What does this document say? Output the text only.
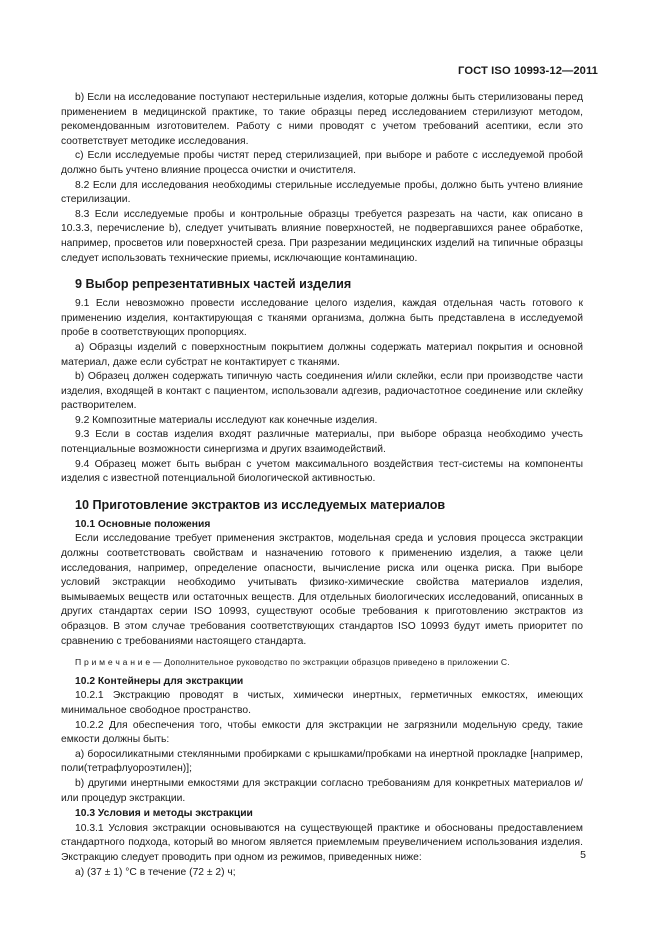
ГОСТ ISO 10993-12—2011

b) Если на исследование поступают нестерильные изделия, которые должны быть стерилизованы перед применением в медицинской практике, то такие образцы перед исследованием стерилизуют методом, рекомендованным изготовителем. Работу с ними проводят с учетом требований асептики, если это соответствует методике исследования.

c) Если исследуемые пробы чистят перед стерилизацией, при выборе и работе с исследуемой пробой должно быть учтено влияние процесса очистки и очистителя.

8.2 Если для исследования необходимы стерильные исследуемые пробы, должно быть учтено влияние стерилизации.

8.3 Если исследуемые пробы и контрольные образцы требуется разрезать на части, как описано в 10.3.3, перечисление b), следует учитывать влияние поверхностей, не подвергавшихся ранее обработке, например, просветов или поверхностей среза. При разрезании медицинских изделий на типичные образцы следует использовать технические приемы, исключающие контаминацию.

9 Выбор репрезентативных частей изделия

9.1 Если невозможно провести исследование целого изделия, каждая отдельная часть готового к применению изделия, контактирующая с тканями организма, должна быть представлена в исследуемой пробе в соответствующих пропорциях.

а) Образцы изделий с поверхностным покрытием должны содержать материал покрытия и основной материал, даже если субстрат не контактирует с тканями.

b) Образец должен содержать типичную часть соединения и/или склейки, если при производстве части изделия, входящей в контакт с пациентом, использовали адгезив, радиочастотное соединение или склейку растворителем.

9.2 Композитные материалы исследуют как конечные изделия.

9.3 Если в состав изделия входят различные материалы, при выборе образца необходимо учесть потенциальные возможности синергизма и других взаимодействий.

9.4 Образец может быть выбран с учетом максимального воздействия тест-системы на компоненты изделия с известной потенциальной биологической активностью.

10 Приготовление экстрактов из исследуемых материалов
10.1 Основные положения

Если исследование требует применения экстрактов, модельная среда и условия процесса экстракции должны соответствовать свойствам и назначению готового к применению изделия, а также цели исследования, например, определение опасности, вычисление риска или оценка риска. При выборе условий экстракции необходимо учитывать физико-химические свойства материалов изделия, вымываемых веществ или остаточных веществ. Для отдельных биологических исследований, описанных в других стандартах серии ISO 10993, существуют особые требования к приготовлению экстрактов из образцов. В этом случае требования соответствующих стандартов ISO 10993 будут иметь приоритет по сравнению с требованиями настоящего стандарта.

П р и м е ч а н и е — Дополнительное руководство по экстракции образцов приведено в приложении С.

10.2 Контейнеры для экстракции

10.2.1 Экстракцию проводят в чистых, химически инертных, герметичных емкостях, имеющих минимальное свободное пространство.

10.2.2 Для обеспечения того, чтобы емкости для экстракции не загрязнили модельную среду, такие емкости должны быть:

а) боросиликатными стеклянными пробирками с крышками/пробками на инертной прокладке [например, поли(тетрафлуороэтилен)];

b) другими инертными емкостями для экстракции согласно требованиям для конкретных материалов и/или процедур экстракции.

10.3 Условия и методы экстракции

10.3.1 Условия экстракции основываются на существующей практике и обоснованы предоставлением стандартного подхода, который во многом является приемлемым преувеличением использования изделия. Экстракцию следует проводить при одном из режимов, приведенных ниже:

а) (37 ± 1) °С в течение (72 ± 2) ч;

5
